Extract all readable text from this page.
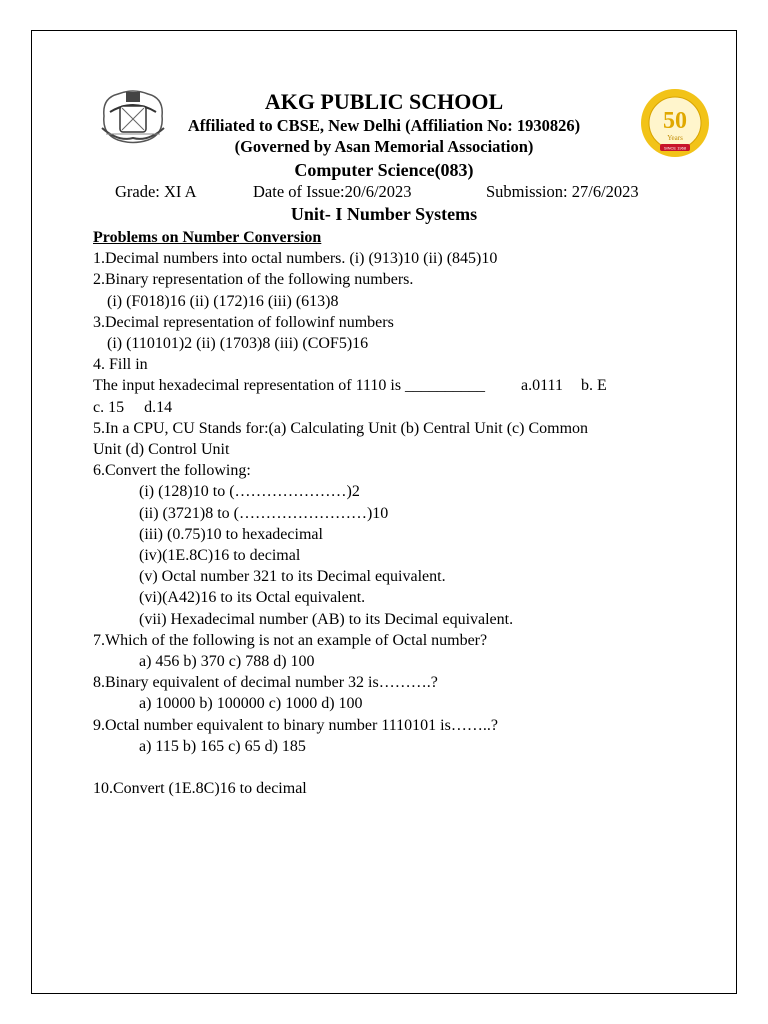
50
Years
SINCE 1968
AKG PUBLIC SCHOOL
Affiliated to CBSE, New Delhi (Affiliation No: 1930826)
(Governed by Asan Memorial Association)
Computer Science(083)
Grade: XI A	Date of Issue:20/6/2023	Submission: 27/6/2023
Unit- I Number Systems
Problems on Number Conversion
1.Decimal numbers into octal numbers. (i) (913)10 (ii) (845)10
2.Binary representation of the following numbers.
(i) (F018)16 (ii) (172)16 (iii) (613)8
3.Decimal representation of followinf numbers
(i) (110101)2 (ii) (1703)8 (iii) (COF5)16
4. Fill in
The input hexadecimal representation of 1110 is __________ a.0111 b. E
c. 15     d.14
5.In a CPU, CU Stands for:(a) Calculating Unit (b) Central Unit (c) Common
Unit (d) Control Unit
6.Convert the following:
(i) (128)10 to (…………………)2
(ii) (3721)8 to (……………………)10
(iii) (0.75)10 to hexadecimal
(iv)(1E.8C)16 to decimal
(v) Octal number 321 to its Decimal equivalent.
(vi)(A42)16 to its Octal equivalent.
(vii) Hexadecimal number (AB) to its Decimal equivalent.
7.Which of the following is not an example of Octal number?
a) 456 b) 370 c) 788 d) 100
8.Binary equivalent of decimal number 32 is……….?
a) 10000 b) 100000 c) 1000 d) 100
9.Octal number equivalent to binary number 1110101 is……..?
a) 115 b) 165 c) 65 d) 185
10.Convert (1E.8C)16 to decimal
